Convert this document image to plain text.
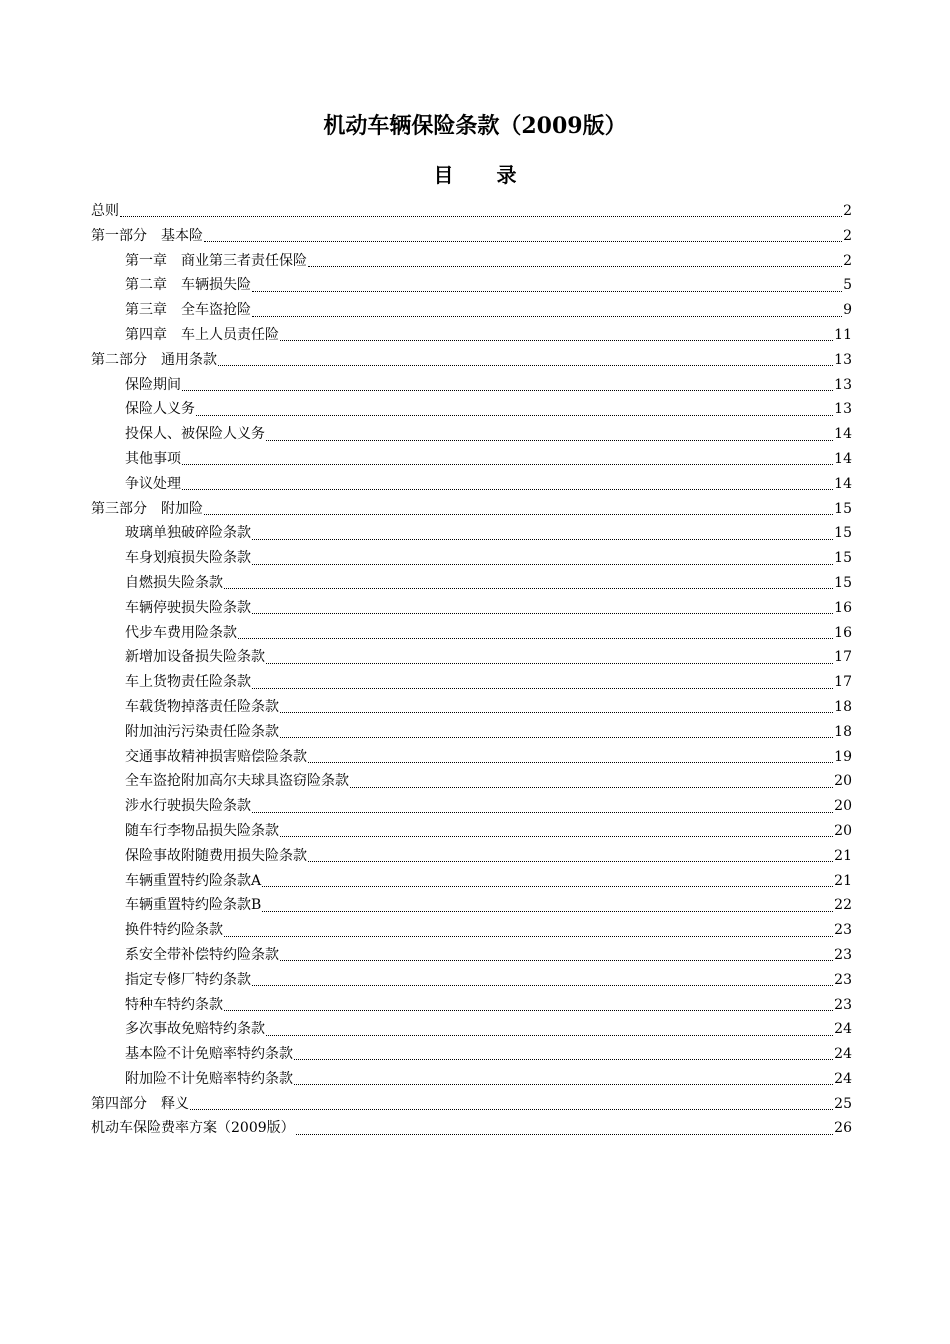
机动车辆保险条款（2009版）
目 录
总则	2
第一部分　基本险	2
第一章　商业第三者责任保险	2
第二章　车辆损失险	5
第三章　全车盗抢险	9
第四章　车上人员责任险	11
第二部分　通用条款	13
保险期间	13
保险人义务	13
投保人、被保险人义务	14
其他事项	14
争议处理	14
第三部分　附加险	15
玻璃单独破碎险条款	15
车身划痕损失险条款	15
自燃损失险条款	15
车辆停驶损失险条款	16
代步车费用险条款	16
新增加设备损失险条款	17
车上货物责任险条款	17
车载货物掉落责任险条款	18
附加油污污染责任险条款	18
交通事故精神损害赔偿险条款	19
全车盗抢附加高尔夫球具盗窃险条款	20
涉水行驶损失险条款	20
随车行李物品损失险条款	20
保险事故附随费用损失险条款	21
车辆重置特约险条款A	21
车辆重置特约险条款B	22
换件特约险条款	23
系安全带补偿特约险条款	23
指定专修厂特约条款	23
特种车特约条款	23
多次事故免赔特约条款	24
基本险不计免赔率特约条款	24
附加险不计免赔率特约条款	24
第四部分　释义	25
机动车保险费率方案（2009版）	26
